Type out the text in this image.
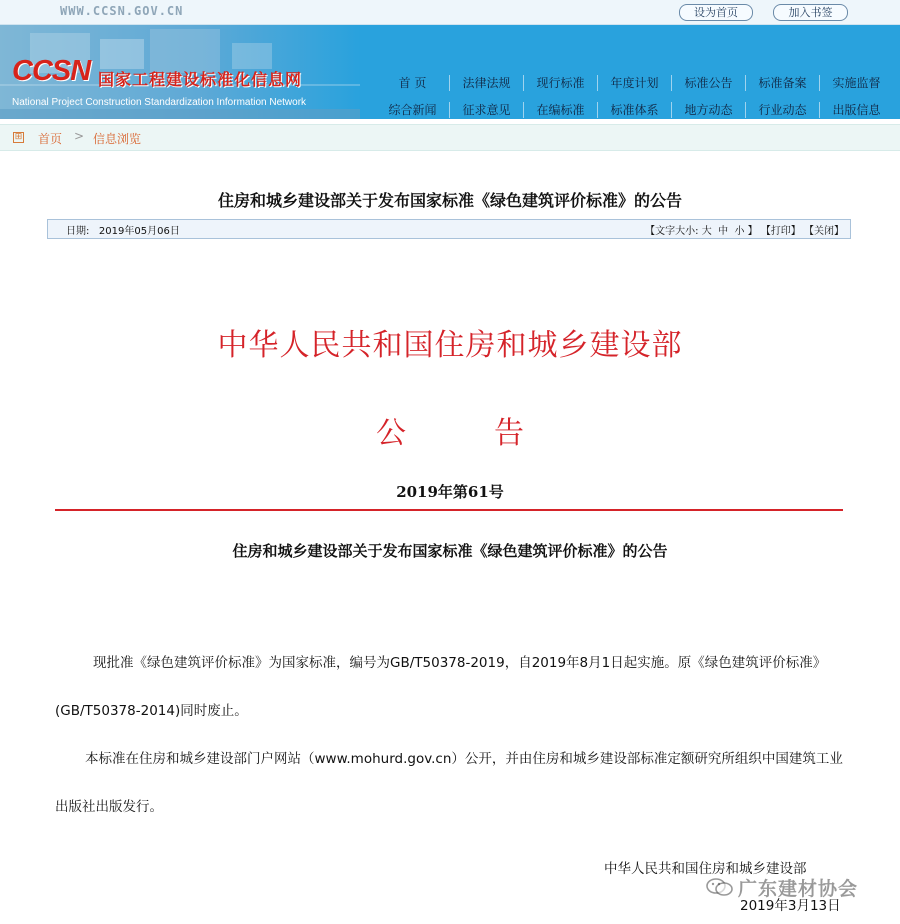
WWW.CCSN.GOV.CN	设为首页	加入书签
CCSN 国家工程建设标准化信息网
National Project Construction Standardization Information Network
首 页	法律法规	现行标准	年度计划	标准公告	标准备案	实施监督
综合新闻	征求意见	在编标准	标准体系	地方动态	行业动态	出版信息
⊞ 首页 > 信息浏览
住房和城乡建设部关于发布国家标准《绿色建筑评价标准》的公告
日期: 2019年05月06日	【文字大小: 大 中 小 】 【打印】 【关闭】
中华人民共和国住房和城乡建设部
公告
2019年第61号
住房和城乡建设部关于发布国家标准《绿色建筑评价标准》的公告
现批准《绿色建筑评价标准》为国家标准，编号为GB/T50378-2019，自2019年8月1日起实施。原《绿色建筑评价标准》(GB/T50378-2014)同时废止。
本标准在住房和城乡建设部门户网站（www.mohurd.gov.cn）公开，并由住房和城乡建设部标准定额研究所组织中国建筑工业出版社出版发行。
中华人民共和国住房和城乡建设部
2019年3月13日
广东建材协会
